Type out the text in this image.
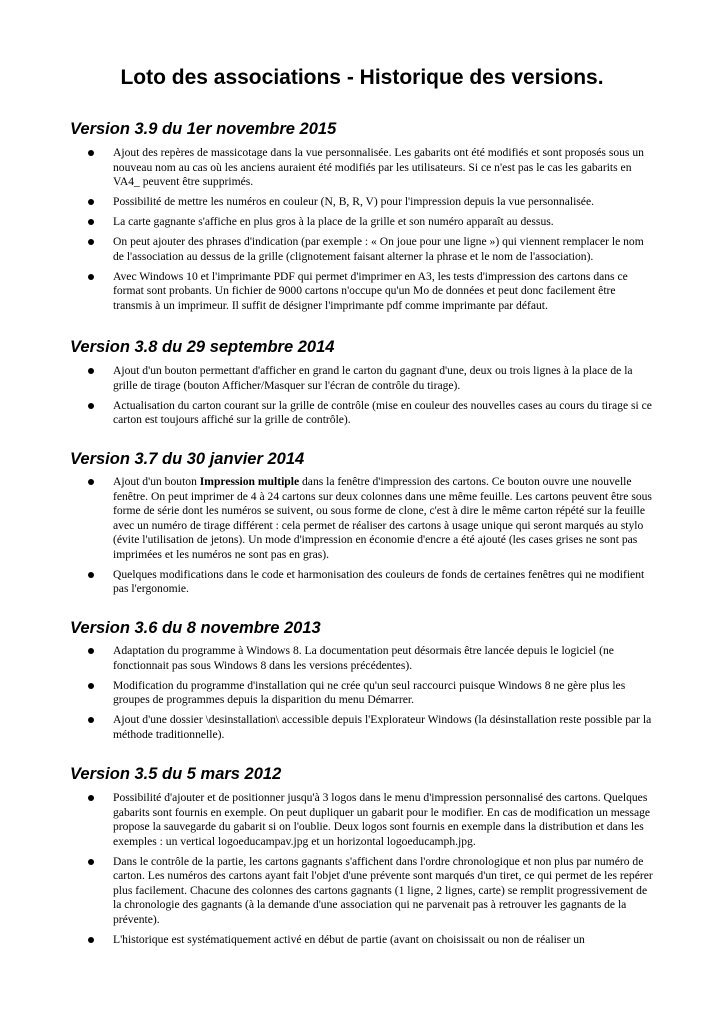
Loto des associations - Historique des versions.
Version 3.9 du 1er novembre 2015
Ajout des repères de massicotage dans la vue personnalisée. Les gabarits ont été modifiés et sont proposés sous un nouveau nom au cas où les anciens auraient été modifiés par les utilisateurs. Si ce n'est pas le cas les gabarits en VA4_ peuvent être supprimés.
Possibilité de mettre les numéros en couleur (N, B, R, V) pour l'impression depuis la vue personnalisée.
La carte gagnante s'affiche en plus gros à la place de la grille et son numéro apparaît au dessus.
On peut ajouter des phrases d'indication (par exemple : « On joue pour une ligne ») qui viennent remplacer le nom de l'association au dessus de la grille (clignotement faisant alterner la phrase et le nom de l'association).
Avec Windows 10 et l'imprimante PDF qui permet d'imprimer en A3, les tests d'impression des cartons dans ce format sont probants. Un fichier de 9000 cartons n'occupe qu'un Mo de données et peut donc facilement être transmis à un imprimeur. Il suffit de désigner l'imprimante pdf comme imprimante par défaut.
Version 3.8 du 29 septembre 2014
Ajout d'un bouton permettant d'afficher en grand le carton du gagnant d'une, deux ou trois lignes à la place de la grille de tirage (bouton Afficher/Masquer sur l'écran de contrôle du tirage).
Actualisation du carton courant sur la grille de contrôle (mise en couleur des nouvelles cases au cours du tirage si ce carton est toujours affiché sur la grille de contrôle).
Version 3.7 du 30 janvier 2014
Ajout d'un bouton Impression multiple dans la fenêtre d'impression des cartons. Ce bouton ouvre une nouvelle fenêtre. On peut imprimer de 4 à 24 cartons sur deux colonnes dans une même feuille. Les cartons peuvent être sous forme de série dont les numéros se suivent, ou sous forme de clone, c'est à dire le même carton répété sur la feuille avec un numéro de tirage différent : cela permet de réaliser des cartons à usage unique qui seront marqués au stylo (évite l'utilisation de jetons). Un mode d'impression en économie d'encre a été ajouté (les cases grises ne sont pas imprimées et les numéros ne sont pas en gras).
Quelques modifications dans le code et harmonisation des couleurs de fonds de certaines fenêtres qui ne modifient pas l'ergonomie.
Version 3.6 du 8 novembre 2013
Adaptation du programme à Windows 8. La documentation peut désormais être lancée depuis le logiciel (ne fonctionnait pas sous Windows 8 dans les versions précédentes).
Modification du programme d'installation qui ne crée qu'un seul raccourci puisque Windows 8 ne gère plus les groupes de programmes depuis la disparition du menu Démarrer.
Ajout d'une dossier \desinstallation\ accessible depuis l'Explorateur Windows (la désinstallation reste possible par la méthode traditionnelle).
Version 3.5 du 5 mars 2012
Possibilité d'ajouter et de positionner jusqu'à 3 logos dans le menu d'impression personnalisé des cartons. Quelques gabarits sont fournis en exemple. On peut dupliquer un gabarit pour le modifier. En cas de modification un message propose la sauvegarde du gabarit si on l'oublie. Deux logos sont fournis en exemple dans la distribution et dans les exemples : un vertical logoeducampav.jpg et un horizontal logoeducamph.jpg.
Dans le contrôle de la partie, les cartons gagnants s'affichent dans l'ordre chronologique et non plus par numéro de carton. Les numéros des cartons ayant fait l'objet d'une prévente sont marqués d'un tiret, ce qui permet de les repérer plus facilement. Chacune des colonnes des cartons gagnants (1 ligne, 2 lignes, carte) se remplit progressivement de la chronologie des gagnants (à la demande d'une association qui ne parvenait pas à retrouver les gagnants de la prévente).
L'historique est systématiquement activé en début de partie (avant on choisissait ou non de réaliser un
